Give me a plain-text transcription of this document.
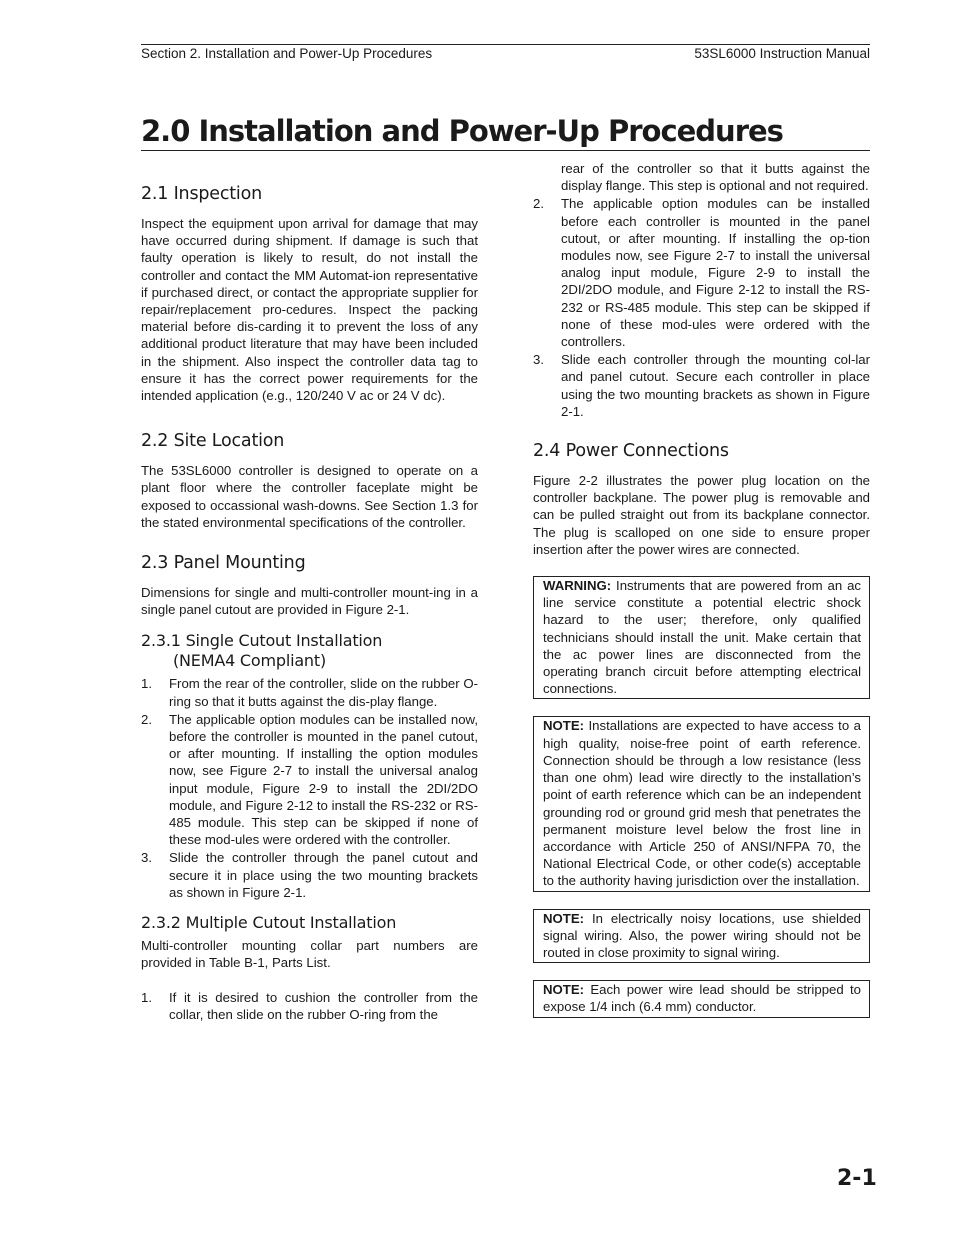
Section 2. Installation and Power-Up Procedures	53SL6000 Instruction Manual
2.0 Installation and Power-Up Procedures
2.1 Inspection

Inspect the equipment upon arrival for damage that may have occurred during shipment. If damage is such that faulty operation is likely to result, do not install the controller and contact the MM Automat-ion representative if purchased direct, or contact the appropriate supplier for repair/replacement pro-cedures. Inspect the packing material before dis-carding it to prevent the loss of any additional product literature that may have been included in the shipment. Also inspect the controller data tag to ensure it has the correct power requirements for the intended application (e.g., 120/240 V ac or 24 V dc).

2.2 Site Location

The 53SL6000 controller is designed to operate on a plant floor where the controller faceplate might be exposed to occassional wash-downs. See Section 1.3 for the stated environmental specifications of the controller.

2.3 Panel Mounting

Dimensions for single and multi-controller mount-ing in a single panel cutout are provided in Figure 2-1.

2.3.1 Single Cutout Installation
(NEMA4 Compliant)
1. From the rear of the controller, slide on the rubber O-ring so that it butts against the dis-play flange.
2. The applicable option modules can be installed now, before the controller is mounted in the panel cutout, or after mounting. If installing the option modules now, see Figure 2-7 to install the universal analog input module, Figure 2-9 to install the 2DI/2DO module, and Figure 2-12 to install the RS-232 or RS-485 module. This step can be skipped if none of these mod-ules were ordered with the controller.
3. Slide the controller through the panel cutout and secure it in place using the two mounting brackets as shown in Figure 2-1.
2.3.2 Multiple Cutout Installation

Multi-controller mounting collar part numbers are provided in Table B-1, Parts List.

1. If it is desired to cushion the controller from the collar, then slide on the rubber O-ring from the
rear of the controller so that it butts against the display flange. This step is optional and not required.
2. The applicable option modules can be installed before each controller is mounted in the panel cutout, or after mounting. If installing the op-tion modules now, see Figure 2-7 to install the universal analog input module, Figure 2-9 to install the 2DI/2DO module, and Figure 2-12 to install the RS-232 or RS-485 module. This step can be skipped if none of these mod-ules were ordered with the controllers.
3. Slide each controller through the mounting col-lar and panel cutout. Secure each controller in place using the two mounting brackets as shown in Figure 2-1.
2.4 Power Connections

Figure 2-2 illustrates the power plug location on the controller backplane. The power plug is removable and can be pulled straight out from its backplane connector. The plug is scalloped on one side to ensure proper insertion after the power wires are connected.

WARNING: Instruments that are powered from an ac line service constitute a potential electric shock hazard to the user; therefore, only qualified technicians should install the unit. Make certain that the ac power lines are disconnected from the operating branch circuit before attempting electrical connections.
NOTE: Installations are expected to have access to a high quality, noise-free point of earth reference. Connection should be through a low resistance (less than one ohm) lead wire directly to the installation’s point of earth reference which can be an independent grounding rod or ground grid mesh that penetrates the permanent moisture level below the frost line in accordance with Article 250 of ANSI/NFPA 70, the National Electrical Code, or other code(s) acceptable to the authority having jurisdiction over the installation.
NOTE: In electrically noisy locations, use shielded signal wiring. Also, the power wiring should not be routed in close proximity to signal wiring.
NOTE: Each power wire lead should be stripped to expose 1/4 inch (6.4 mm) conductor.
2-1
